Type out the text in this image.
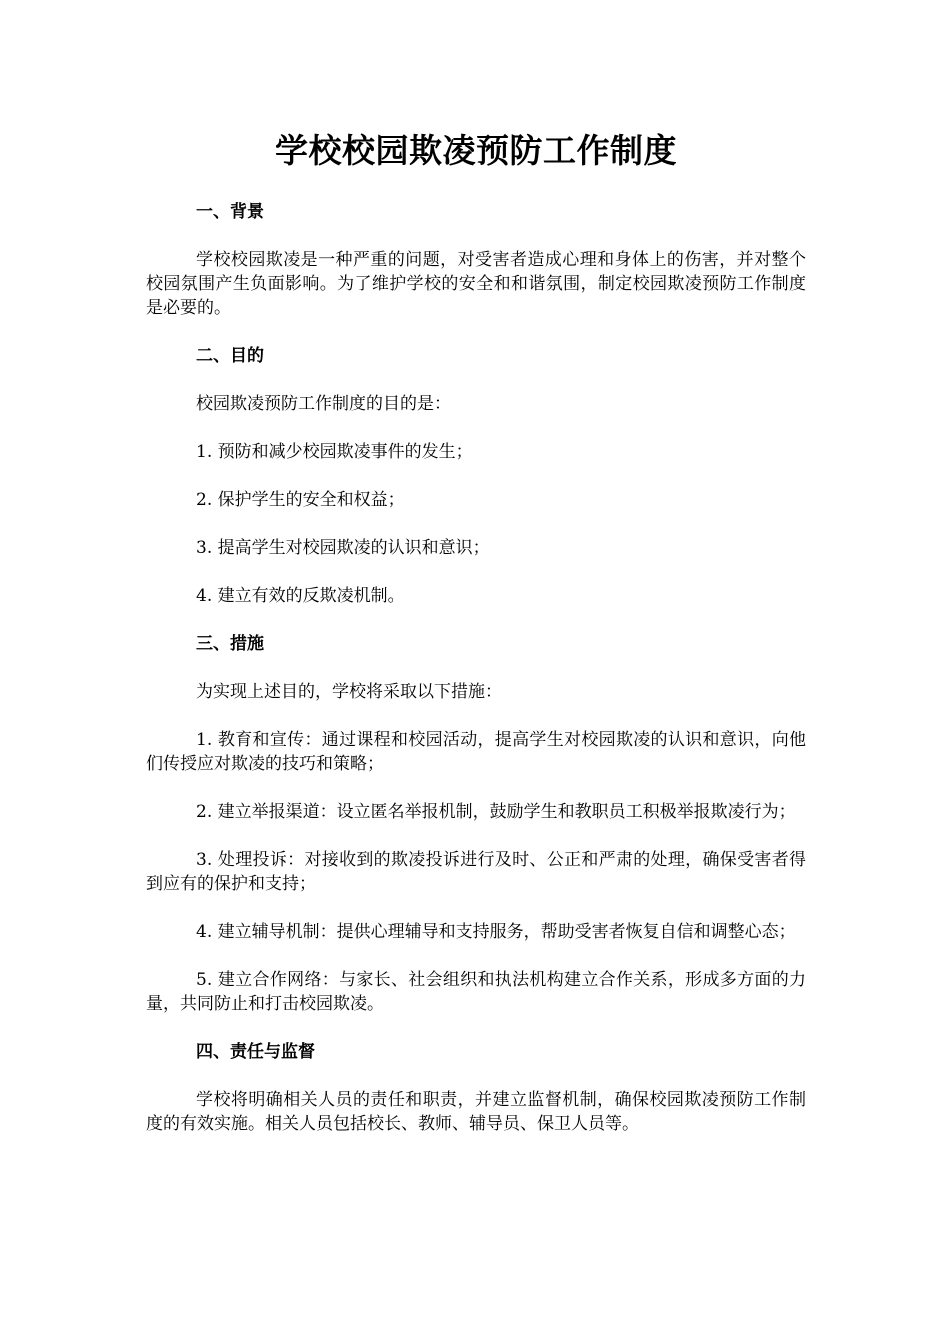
学校校园欺凌预防工作制度
一、背景

学校校园欺凌是一种严重的问题，对受害者造成心理和身体上的伤害，并对整个校园氛围产生负面影响。为了维护学校的安全和和谐氛围，制定校园欺凌预防工作制度是必要的。

二、目的

校园欺凌预防工作制度的目的是：

1. 预防和减少校园欺凌事件的发生；

2. 保护学生的安全和权益；

3. 提高学生对校园欺凌的认识和意识；

4. 建立有效的反欺凌机制。

三、措施

为实现上述目的，学校将采取以下措施：

1. 教育和宣传：通过课程和校园活动，提高学生对校园欺凌的认识和意识，向他们传授应对欺凌的技巧和策略；

2. 建立举报渠道：设立匿名举报机制，鼓励学生和教职员工积极举报欺凌行为；

3. 处理投诉：对接收到的欺凌投诉进行及时、公正和严肃的处理，确保受害者得到应有的保护和支持；

4. 建立辅导机制：提供心理辅导和支持服务，帮助受害者恢复自信和调整心态；

5. 建立合作网络：与家长、社会组织和执法机构建立合作关系，形成多方面的力量，共同防止和打击校园欺凌。

四、责任与监督

学校将明确相关人员的责任和职责，并建立监督机制，确保校园欺凌预防工作制度的有效实施。相关人员包括校长、教师、辅导员、保卫人员等。
